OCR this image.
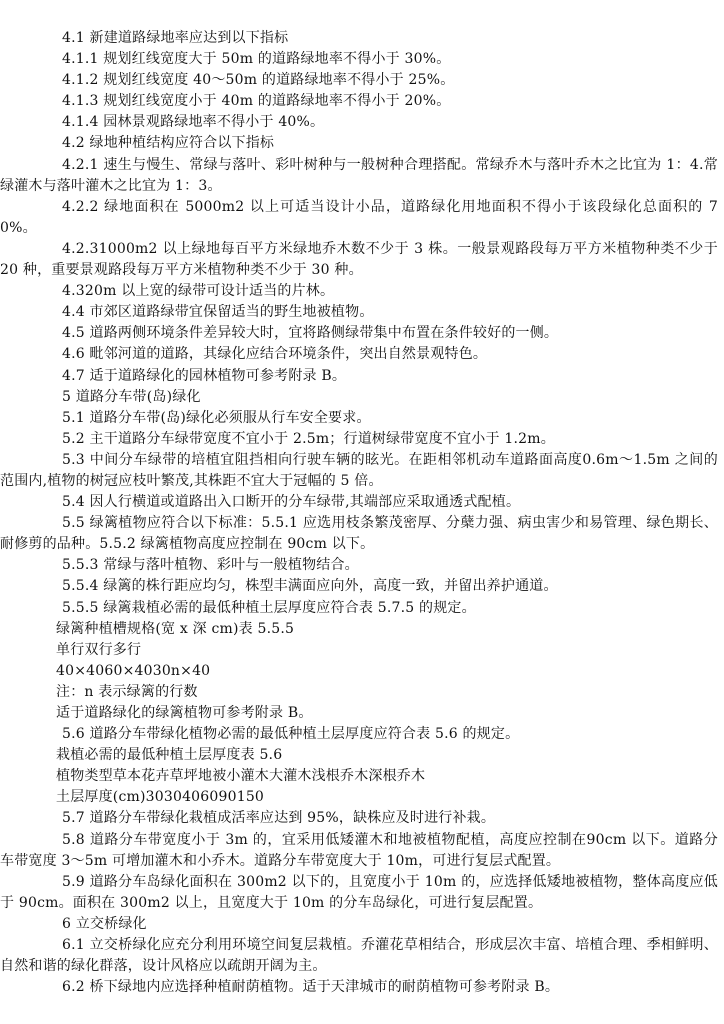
4.1 新建道路绿地率应达到以下指标

4.1.1 规划红线宽度大于 50m 的道路绿地率不得小于 30%。

4.1.2 规划红线宽度 40～50m 的道路绿地率不得小于 25%。

4.1.3 规划红线宽度小于 40m 的道路绿地率不得小于 20%。

4.1.4 园林景观路绿地率不得小于 40%。

4.2 绿地种植结构应符合以下指标

4.2.1 速生与慢生、常绿与落叶、彩叶树种与一般树种合理搭配。常绿乔木与落叶乔木之比宜为 1：4.常绿灌木与落叶灌木之比宜为 1：3。

4.2.2 绿地面积在 5000m2 以上可适当设计小品，道路绿化用地面积不得小于该段绿化总面积的 70%。

4.2.31000m2 以上绿地每百平方米绿地乔木数不少于 3 株。一般景观路段每万平方米植物种类不少于 20 种，重要景观路段每万平方米植物种类不少于 30 种。

4.320m 以上宽的绿带可设计适当的片林。

4.4 市郊区道路绿带宜保留适当的野生地被植物。

4.5 道路两侧环境条件差异较大时，宜将路侧绿带集中布置在条件较好的一侧。

4.6 毗邻河道的道路，其绿化应结合环境条件，突出自然景观特色。

4.7 适于道路绿化的园林植物可参考附录 B。

5 道路分车带(岛)绿化

5.1 道路分车带(岛)绿化必须服从行车安全要求。

5.2 主干道路分车绿带宽度不宜小于 2.5m；行道树绿带宽度不宜小于 1.2m。

5.3 中间分车绿带的培植宜阻挡相向行驶车辆的眩光。在距相邻机动车道路面高度0.6m～1.5m 之间的范围内,植物的树冠应枝叶繁茂,其株距不宜大于冠幅的 5 倍。

5.4 因人行横道或道路出入口断开的分车绿带,其端部应采取通透式配植。

5.5 绿篱植物应符合以下标准：5.5.1 应选用枝条繁茂密厚、分蘖力强、病虫害少和易管理、绿色期长、耐修剪的品种。5.5.2 绿篱植物高度应控制在 90cm 以下。

5.5.3 常绿与落叶植物、彩叶与一般植物结合。

5.5.4 绿篱的株行距应均匀，株型丰满面应向外，高度一致，并留出养护通道。

5.5.5 绿篱栽植必需的最低种植土层厚度应符合表 5.7.5 的规定。

绿篱种植槽规格(宽 x 深 cm)表 5.5.5

单行双行多行

40×4060×4030n×40

注：n 表示绿篱的行数

适于道路绿化的绿篱植物可参考附录 B。

5.6 道路分车带绿化植物必需的最低种植土层厚度应符合表 5.6 的规定。

栽植必需的最低种植土层厚度表 5.6

植物类型草本花卉草坪地被小灌木大灌木浅根乔木深根乔木

土层厚度(cm)3030406090150

5.7 道路分车带绿化栽植成活率应达到 95%，缺株应及时进行补栽。

5.8 道路分车带宽度小于 3m 的，宜采用低矮灌木和地被植物配植，高度应控制在90cm 以下。道路分车带宽度 3～5m 可增加灌木和小乔木。道路分车带宽度大于 10m，可进行复层式配置。

5.9 道路分车岛绿化面积在 300m2 以下的，且宽度小于 10m 的，应选择低矮地被植物，整体高度应低于 90cm。面积在 300m2 以上，且宽度大于 10m 的分车岛绿化，可进行复层配置。

6 立交桥绿化

6.1 立交桥绿化应充分利用环境空间复层栽植。乔灌花草相结合，形成层次丰富、培植合理、季相鲜明、自然和谐的绿化群落，设计风格应以疏朗开阔为主。

6.2 桥下绿地内应选择种植耐荫植物。适于天津城市的耐荫植物可参考附录 B。
